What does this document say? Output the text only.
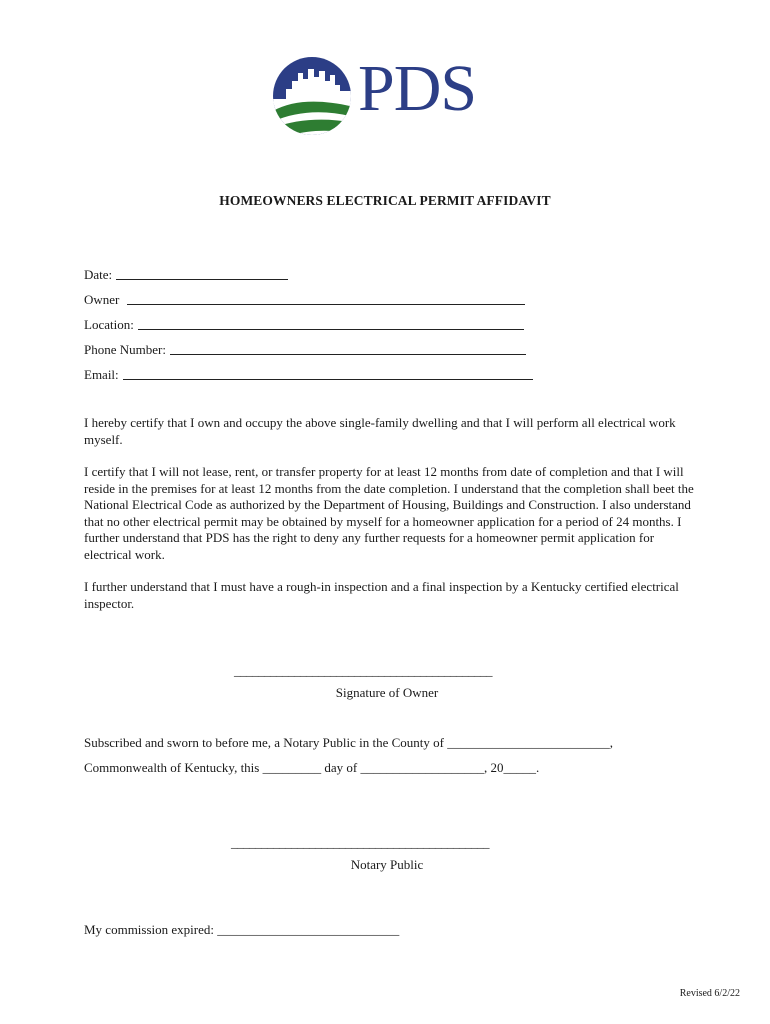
PDS
HOMEOWNERS ELECTRICAL PERMIT AFFIDAVIT
Date:
Owner
Location:
Phone Number:
Email:

I hereby certify that I own and occupy the above single-family dwelling and that I will perform all electrical work myself.

I certify that I will not lease, rent, or transfer property for at least 12 months from date of completion and that I will reside in the premises for at least 12 months from the date completion. I understand that the completion shall beet the National Electrical Code as authorized by the Department of Housing, Buildings and Construction. I also understand that no other electrical permit may be obtained by myself for a homeowner application for a period of 24 months. I further understand that PDS has the right to deny any further requests for a homeowner permit application for electrical work.

I further understand that I must have a rough-in inspection and a final inspection by a Kentucky certified electrical inspector.

___________________________________________
Signature of Owner
Subscribed and sworn to before me, a Notary Public in the County of _________________________,
Commonwealth of Kentucky, this _________ day of ___________________, 20_____.
___________________________________________
Notary Public
My commission expired: ____________________________
Revised 6/2/22
